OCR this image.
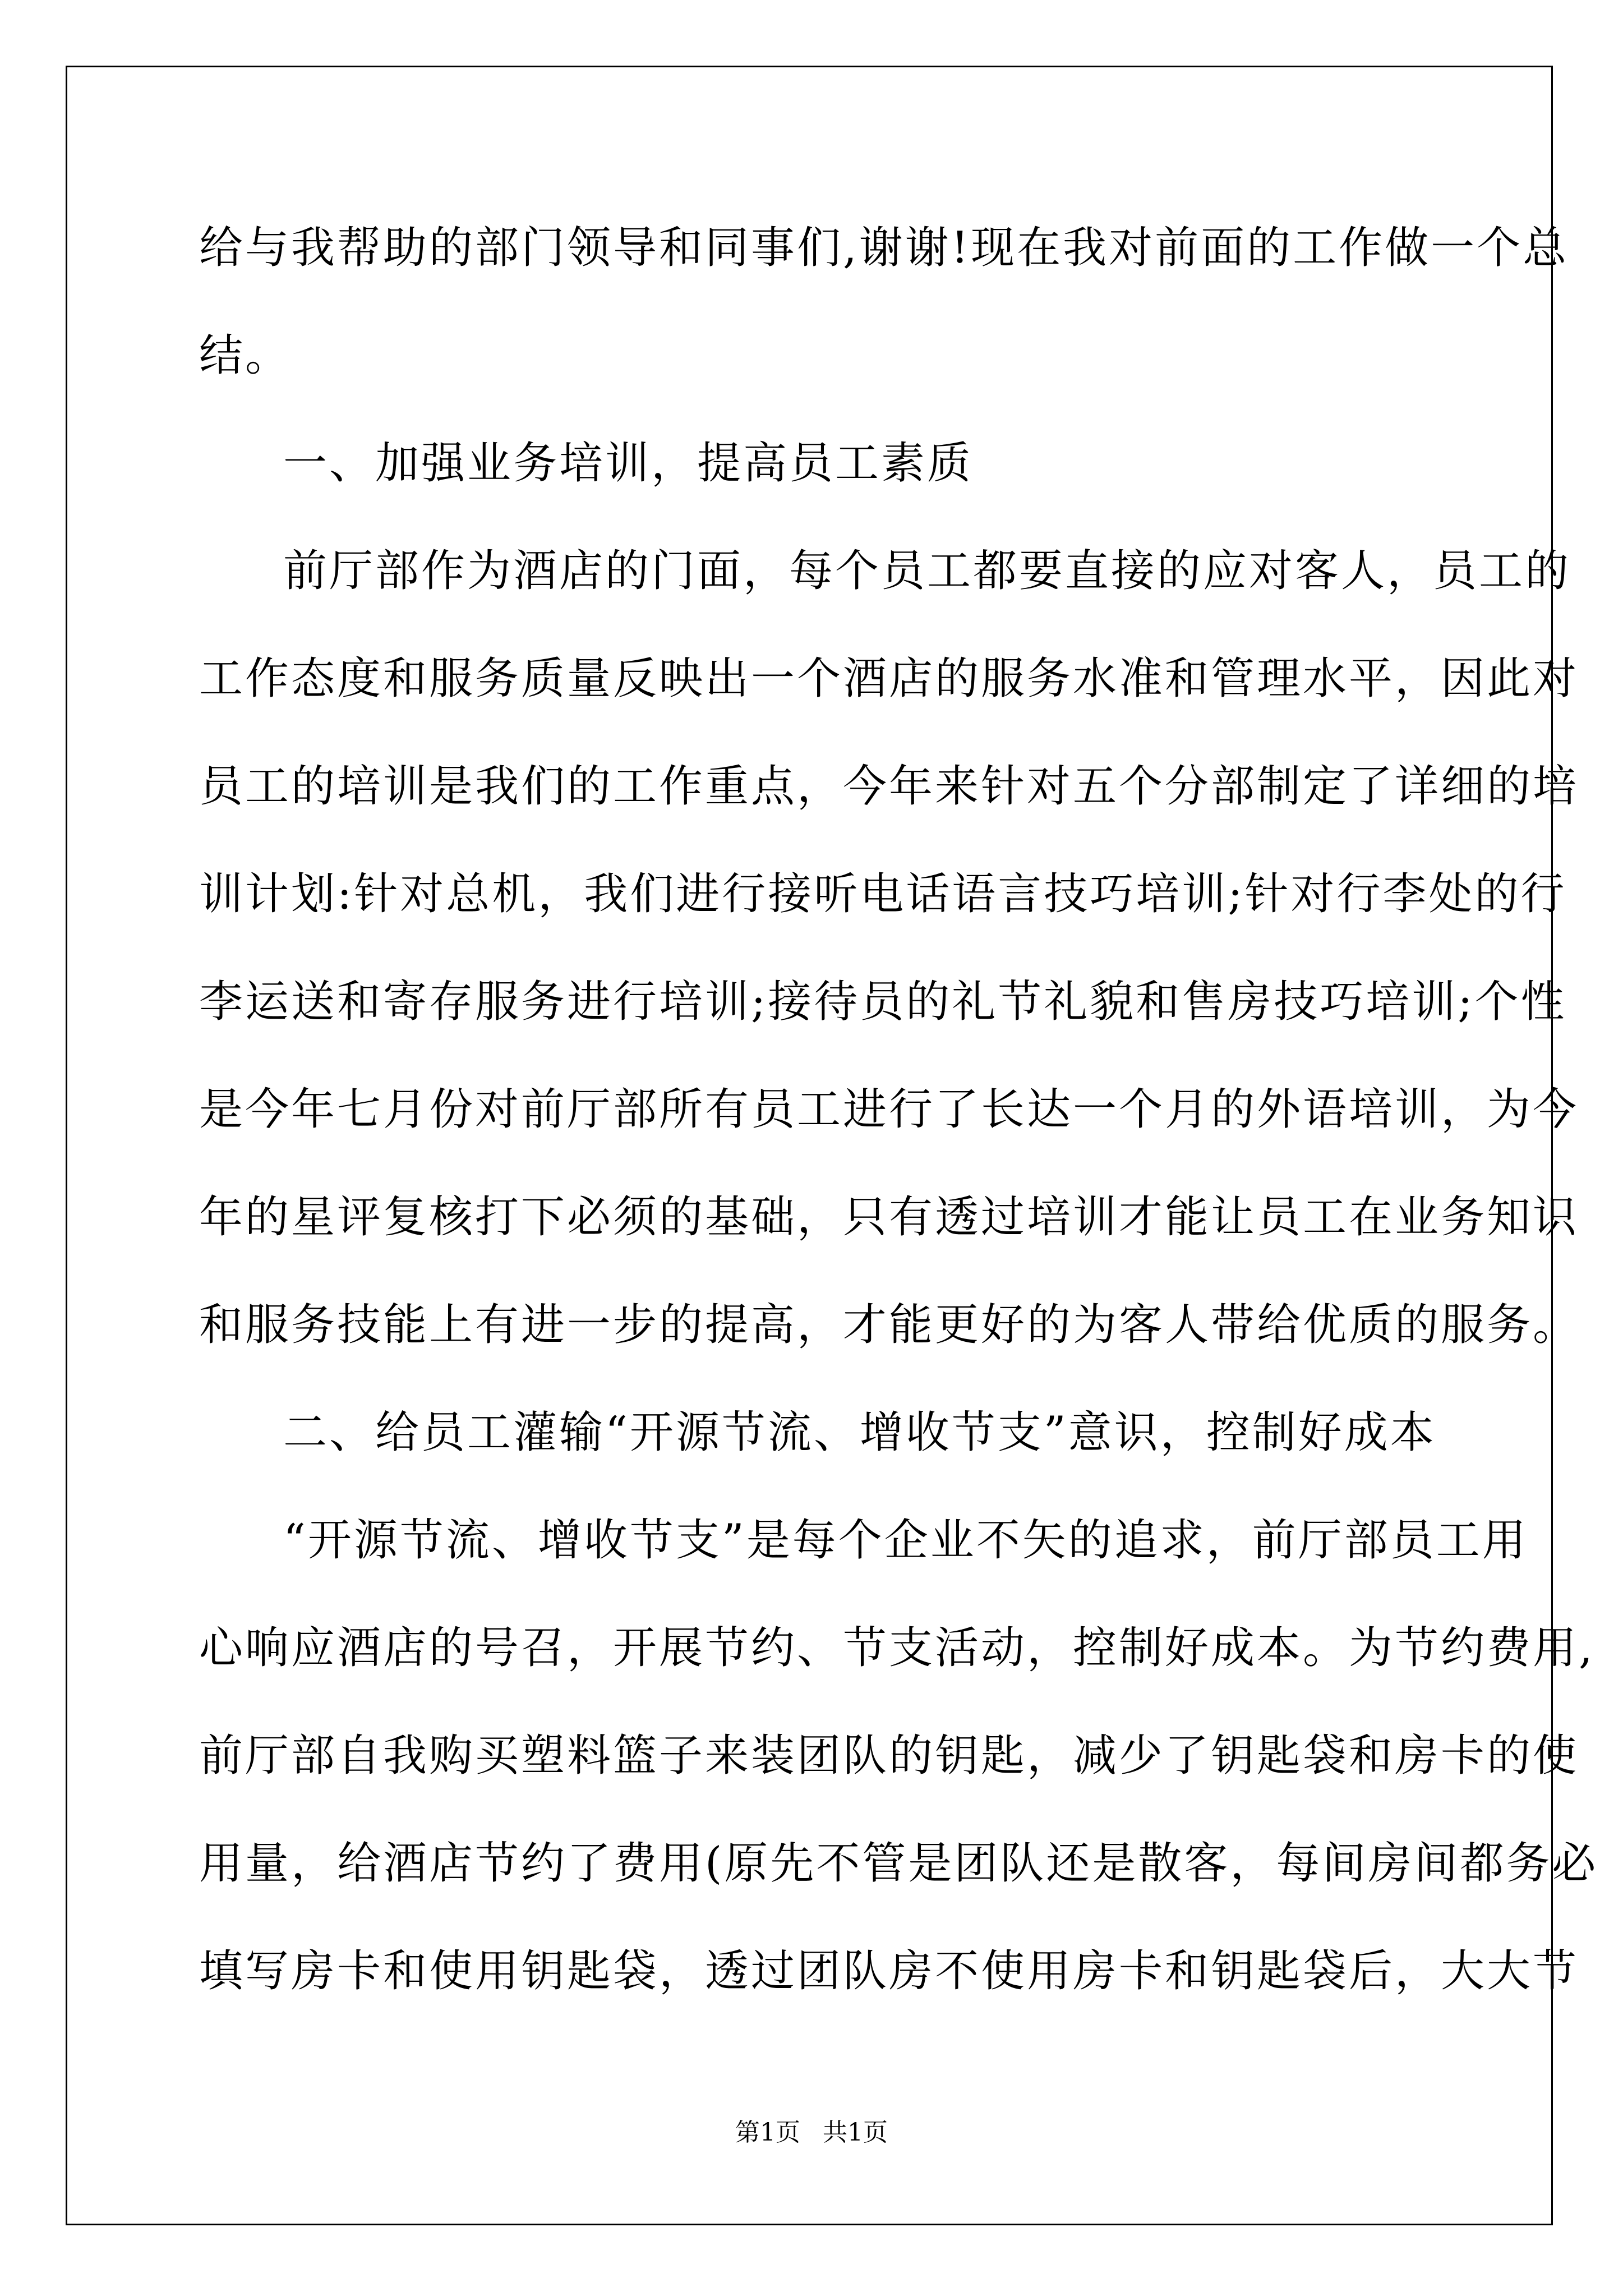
给与我帮助的部门领导和同事们,谢谢!现在我对前面的工作做一个总
结。
一、加强业务培训，提高员工素质
前厅部作为酒店的门面，每个员工都要直接的应对客人，员工的
工作态度和服务质量反映出一个酒店的服务水准和管理水平，因此对
员工的培训是我们的工作重点，今年来针对五个分部制定了详细的培
训计划:针对总机，我们进行接听电话语言技巧培训;针对行李处的行
李运送和寄存服务进行培训;接待员的礼节礼貌和售房技巧培训;个性
是今年七月份对前厅部所有员工进行了长达一个月的外语培训，为今
年的星评复核打下必须的基础，只有透过培训才能让员工在业务知识
和服务技能上有进一步的提高，才能更好的为客人带给优质的服务。
二、给员工灌输“开源节流、增收节支”意识，控制好成本
“开源节流、增收节支”是每个企业不矢的追求，前厅部员工用
心响应酒店的号召，开展节约、节支活动，控制好成本。为节约费用,
前厅部自我购买塑料篮子来装团队的钥匙，减少了钥匙袋和房卡的使
用量，给酒店节约了费用(原先不管是团队还是散客，每间房间都务必
填写房卡和使用钥匙袋，透过团队房不使用房卡和钥匙袋后，大大节
第1页 共1页
